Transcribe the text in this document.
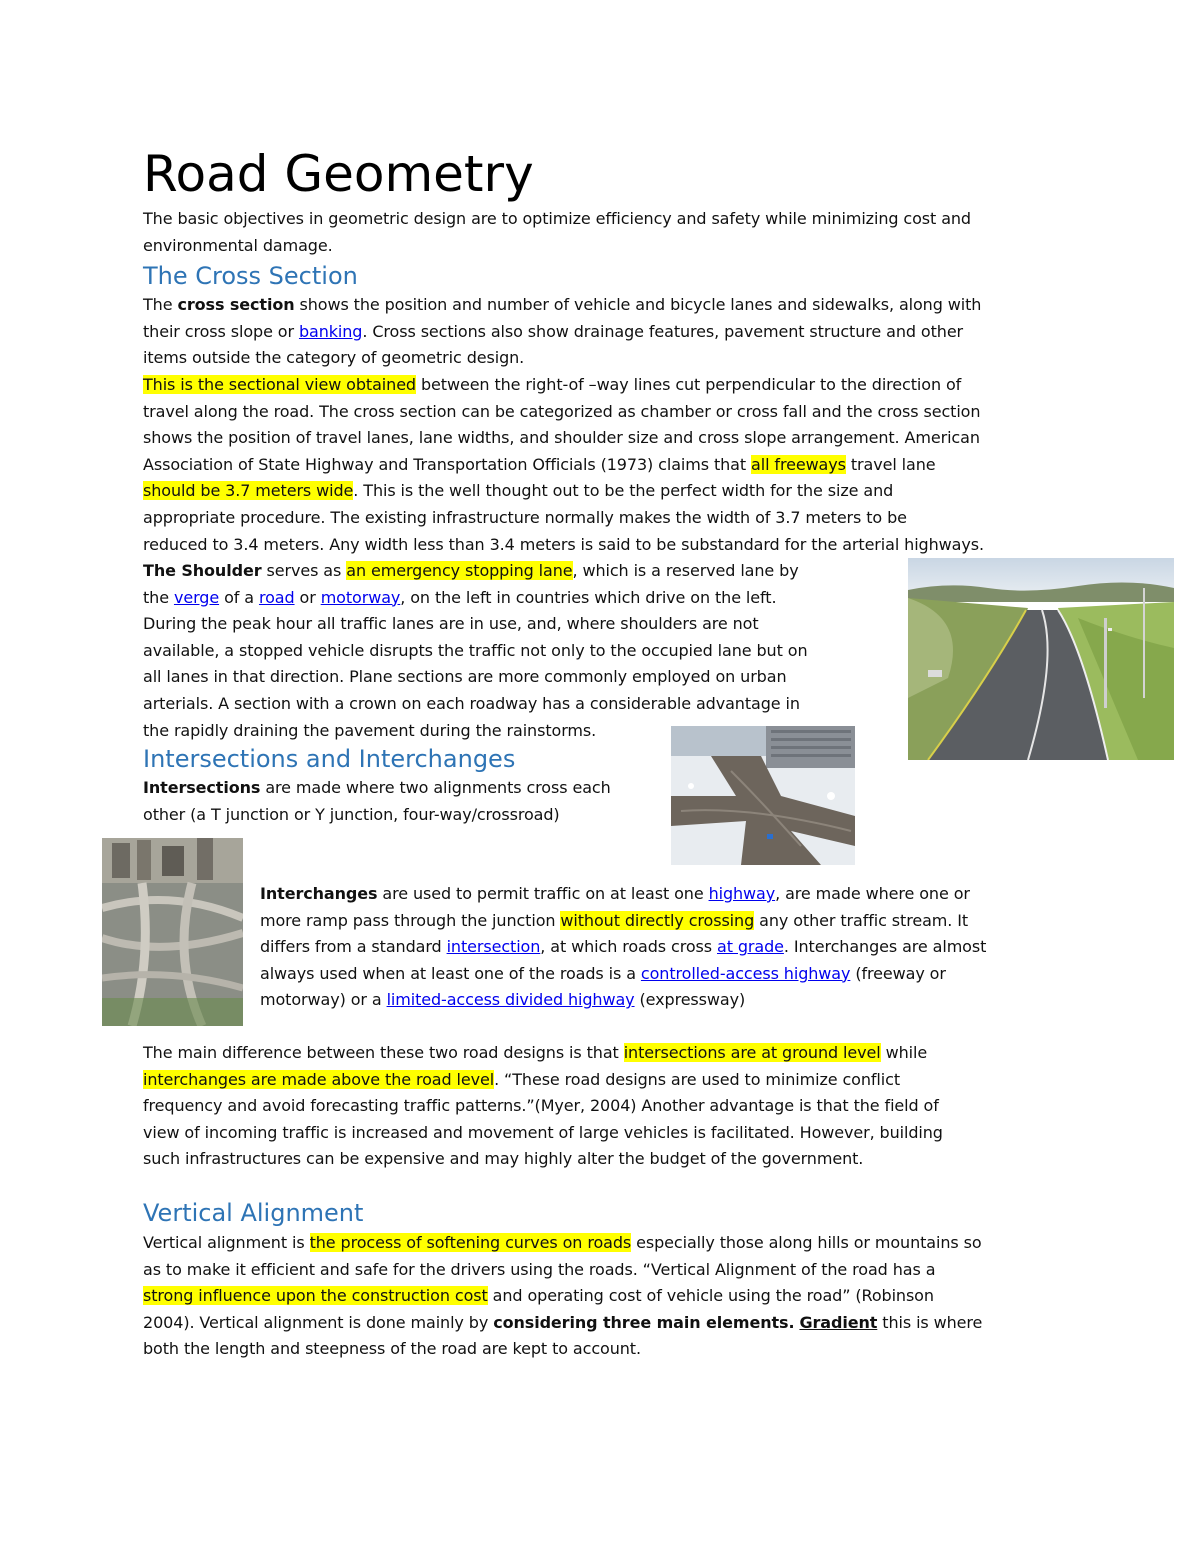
Road Geometry
The basic objectives in geometric design are to optimize efficiency and safety while minimizing cost and
environmental damage.
The Cross Section
The cross section shows the position and number of vehicle and bicycle lanes and sidewalks, along with
their cross slope or banking. Cross sections also show drainage features, pavement structure and other
items outside the category of geometric design.
This is the sectional view obtained between the right-of –way lines cut perpendicular to the direction of
travel along the road. The cross section can be categorized as chamber or cross fall and the cross section
shows the position of travel lanes, lane widths, and shoulder size and cross slope arrangement. American
Association of State Highway and Transportation Officials (1973) claims that all freeways travel lane
should be 3.7 meters wide. This is the well thought out to be the perfect width for the size and
appropriate procedure. The existing infrastructure normally makes the width of 3.7 meters to be
reduced to 3.4 meters. Any width less than 3.4 meters is said to be substandard for the arterial highways.
The Shoulder serves as an emergency stopping lane, which is a reserved lane by
the verge of a road or motorway, on the left in countries which drive on the left.
During the peak hour all traffic lanes are in use, and, where shoulders are not
available, a stopped vehicle disrupts the traffic not only to the occupied lane but on
all lanes in that direction. Plane sections are more commonly employed on urban
arterials. A section with a crown on each roadway has a considerable advantage in
the rapidly draining the pavement during the rainstorms.
Intersections and Interchanges
Intersections are made where two alignments cross each
other (a T junction or Y junction, four-way/crossroad)
Interchanges are used to permit traffic on at least one highway, are made where one or
more ramp pass through the junction without directly crossing any other traffic stream. It
differs from a standard intersection, at which roads cross at grade. Interchanges are almost
always used when at least one of the roads is a controlled-access highway (freeway or
motorway) or a limited-access divided highway (expressway)
The main difference between these two road designs is that intersections are at ground level while
interchanges are made above the road level. “These road designs are used to minimize conflict
frequency and avoid forecasting traffic patterns.”(Myer, 2004) Another advantage is that the field of
view of incoming traffic is increased and movement of large vehicles is facilitated. However, building
such infrastructures can be expensive and may highly alter the budget of the government.
Vertical Alignment
Vertical alignment is the process of softening curves on roads especially those along hills or mountains so
as to make it efficient and safe for the drivers using the roads. “Vertical Alignment of the road has a
strong influence upon the construction cost and operating cost of vehicle using the road” (Robinson
2004). Vertical alignment is done mainly by considering three main elements. Gradient this is where
both the length and steepness of the road are kept to account.
